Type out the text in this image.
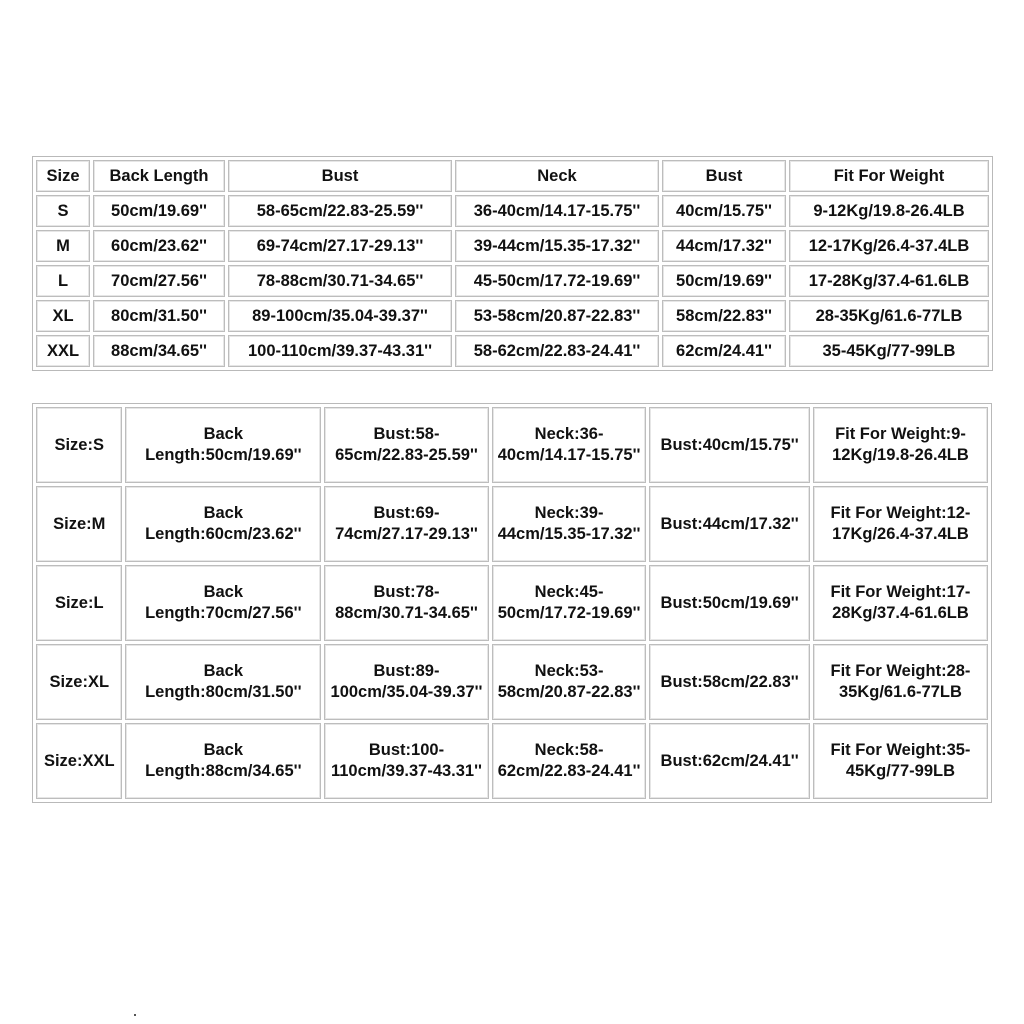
Size	Back Length	Bust	Neck	Bust	Fit For Weight
S	50cm/19.69''	58-65cm/22.83-25.59''	36-40cm/14.17-15.75''	40cm/15.75''	9-12Kg/19.8-26.4LB
M	60cm/23.62''	69-74cm/27.17-29.13''	39-44cm/15.35-17.32''	44cm/17.32''	12-17Kg/26.4-37.4LB
L	70cm/27.56''	78-88cm/30.71-34.65''	45-50cm/17.72-19.69''	50cm/19.69''	17-28Kg/37.4-61.6LB
XL	80cm/31.50''	89-100cm/35.04-39.37''	53-58cm/20.87-22.83''	58cm/22.83''	28-35Kg/61.6-77LB
XXL	88cm/34.65''	100-110cm/39.37-43.31''	58-62cm/22.83-24.41''	62cm/24.41''	35-45Kg/77-99LB
Size:S	Back Length:50cm/19.69''	Bust:58-65cm/22.83-25.59''	Neck:36-40cm/14.17-15.75''	Bust:40cm/15.75''	Fit For Weight:9-12Kg/19.8-26.4LB
Size:M	Back Length:60cm/23.62''	Bust:69-74cm/27.17-29.13''	Neck:39-44cm/15.35-17.32''	Bust:44cm/17.32''	Fit For Weight:12-17Kg/26.4-37.4LB
Size:L	Back Length:70cm/27.56''	Bust:78-88cm/30.71-34.65''	Neck:45-50cm/17.72-19.69''	Bust:50cm/19.69''	Fit For Weight:17-28Kg/37.4-61.6LB
Size:XL	Back Length:80cm/31.50''	Bust:89-100cm/35.04-39.37''	Neck:53-58cm/20.87-22.83''	Bust:58cm/22.83''	Fit For Weight:28-35Kg/61.6-77LB
Size:XXL	Back Length:88cm/34.65''	Bust:100-110cm/39.37-43.31''	Neck:58-62cm/22.83-24.41''	Bust:62cm/24.41''	Fit For Weight:35-45Kg/77-99LB
